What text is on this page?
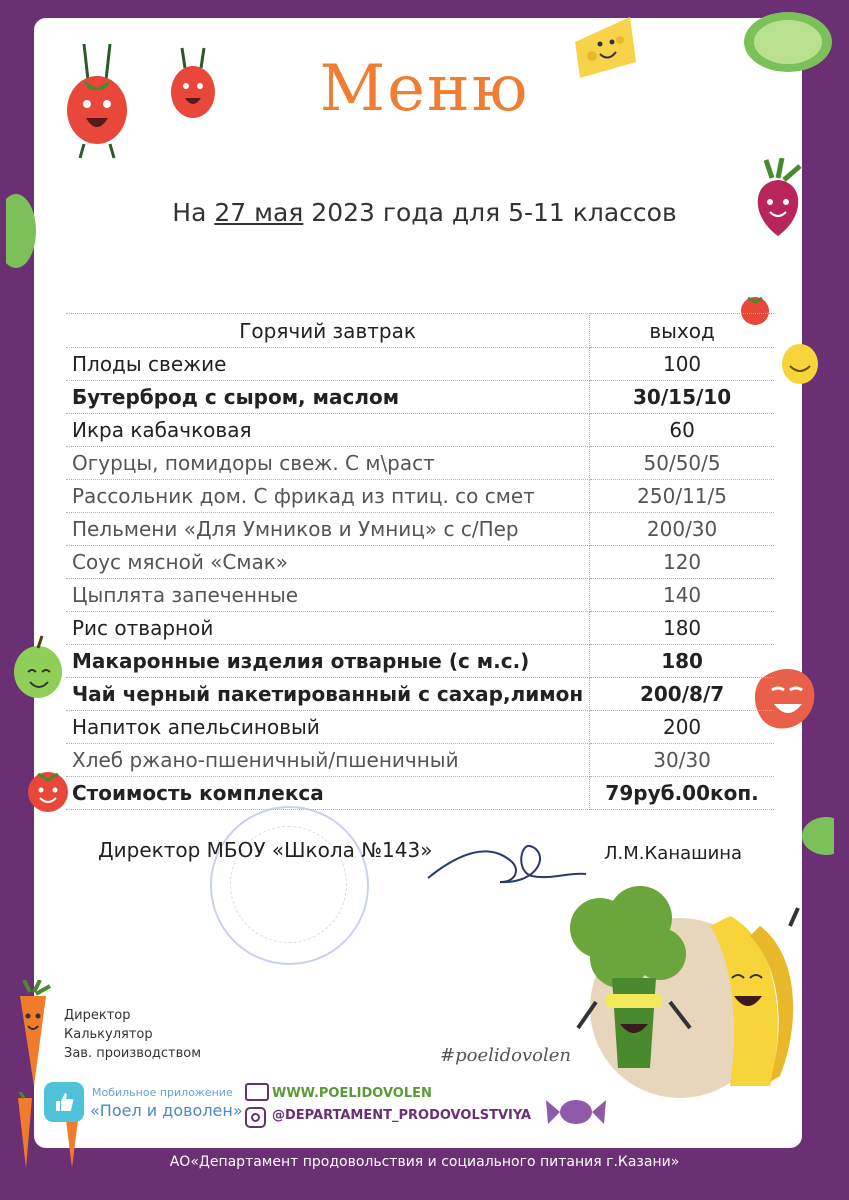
Меню
На 27 мая 2023 года для 5-11 классов
Горячий завтрак	выход
Плоды свежие	100
Бутерброд с сыром, маслом	30/15/10
Икра кабачковая	60
Огурцы, помидоры свеж. С м\раст	50/50/5
Рассольник дом. С фрикад из птиц. со смет	250/11/5
Пельмени «Для Умников и Умниц» с с/Пер	200/30
Соус мясной «Смак»	120
Цыплята запеченные	140
Рис отварной	180
Макаронные изделия отварные (с м.с.)	180
Чай черный пакетированный с сахар,лимон	200/8/7
Напиток апельсиновый	200
Хлеб ржано-пшеничный/пшеничный	30/30
Стоимость комплекса	79руб.00коп.
Директор МБОУ «Школа №143»	Л.М.Канашина
Директор
Калькулятор
Зав. производством	#poelidovolen
Мобильное приложение
«Поел и доволен»
WWW.POELIDOVOLEN
@DEPARTAMENT_PRODOVOLSTVIYA
АО«Департамент продовольствия и социального питания г.Казани»
